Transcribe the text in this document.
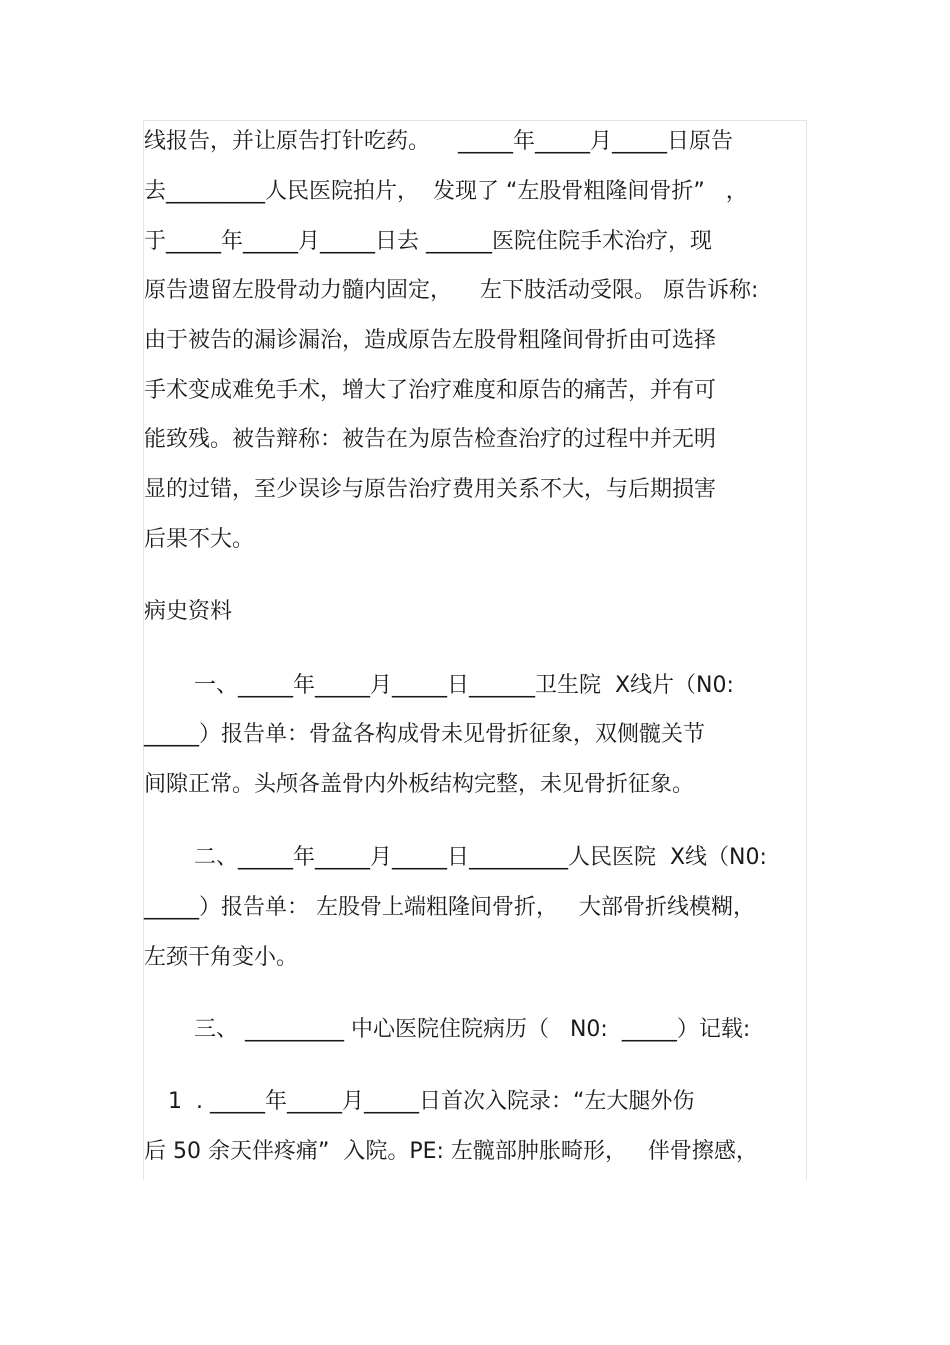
线报告，并让原告打针吃药。    _____年_____月_____日原告
去_________人民医院拍片，  发现了 “左股骨粗隆间骨折”   ，
于_____年_____月_____日去 ______医院住院手术治疗，现
原告遗留左股骨动力髓内固定，    左下肢活动受限。 原告诉称:
由于被告的漏诊漏治，造成原告左股骨粗隆间骨折由可选择
手术变成难免手术，增大了治疗难度和原告的痛苦，并有可
能致残。被告辩称：被告在为原告检查治疗的过程中并无明
显的过错，至少误诊与原告治疗费用关系不大，与后期损害
后果不大。
病史资料
一、_____年_____月_____日______卫生院  X线片（N0:
_____）报告单：骨盆各构成骨未见骨折征象，双侧髋关节
间隙正常。头颅各盖骨内外板结构完整，未见骨折征象。
二、_____年_____月_____日_________人民医院  X线（N0:
_____）报告单： 左股骨上端粗隆间骨折，   大部骨折线模糊，
左颈干角变小。
三、 _________ 中心医院住院病历（   N0:  _____）记载:
1  . _____年_____月_____日首次入院录：“左大腿外伤
后 50 余天伴疼痛”  入院。PE: 左髋部肿胀畸形，   伴骨擦感，
